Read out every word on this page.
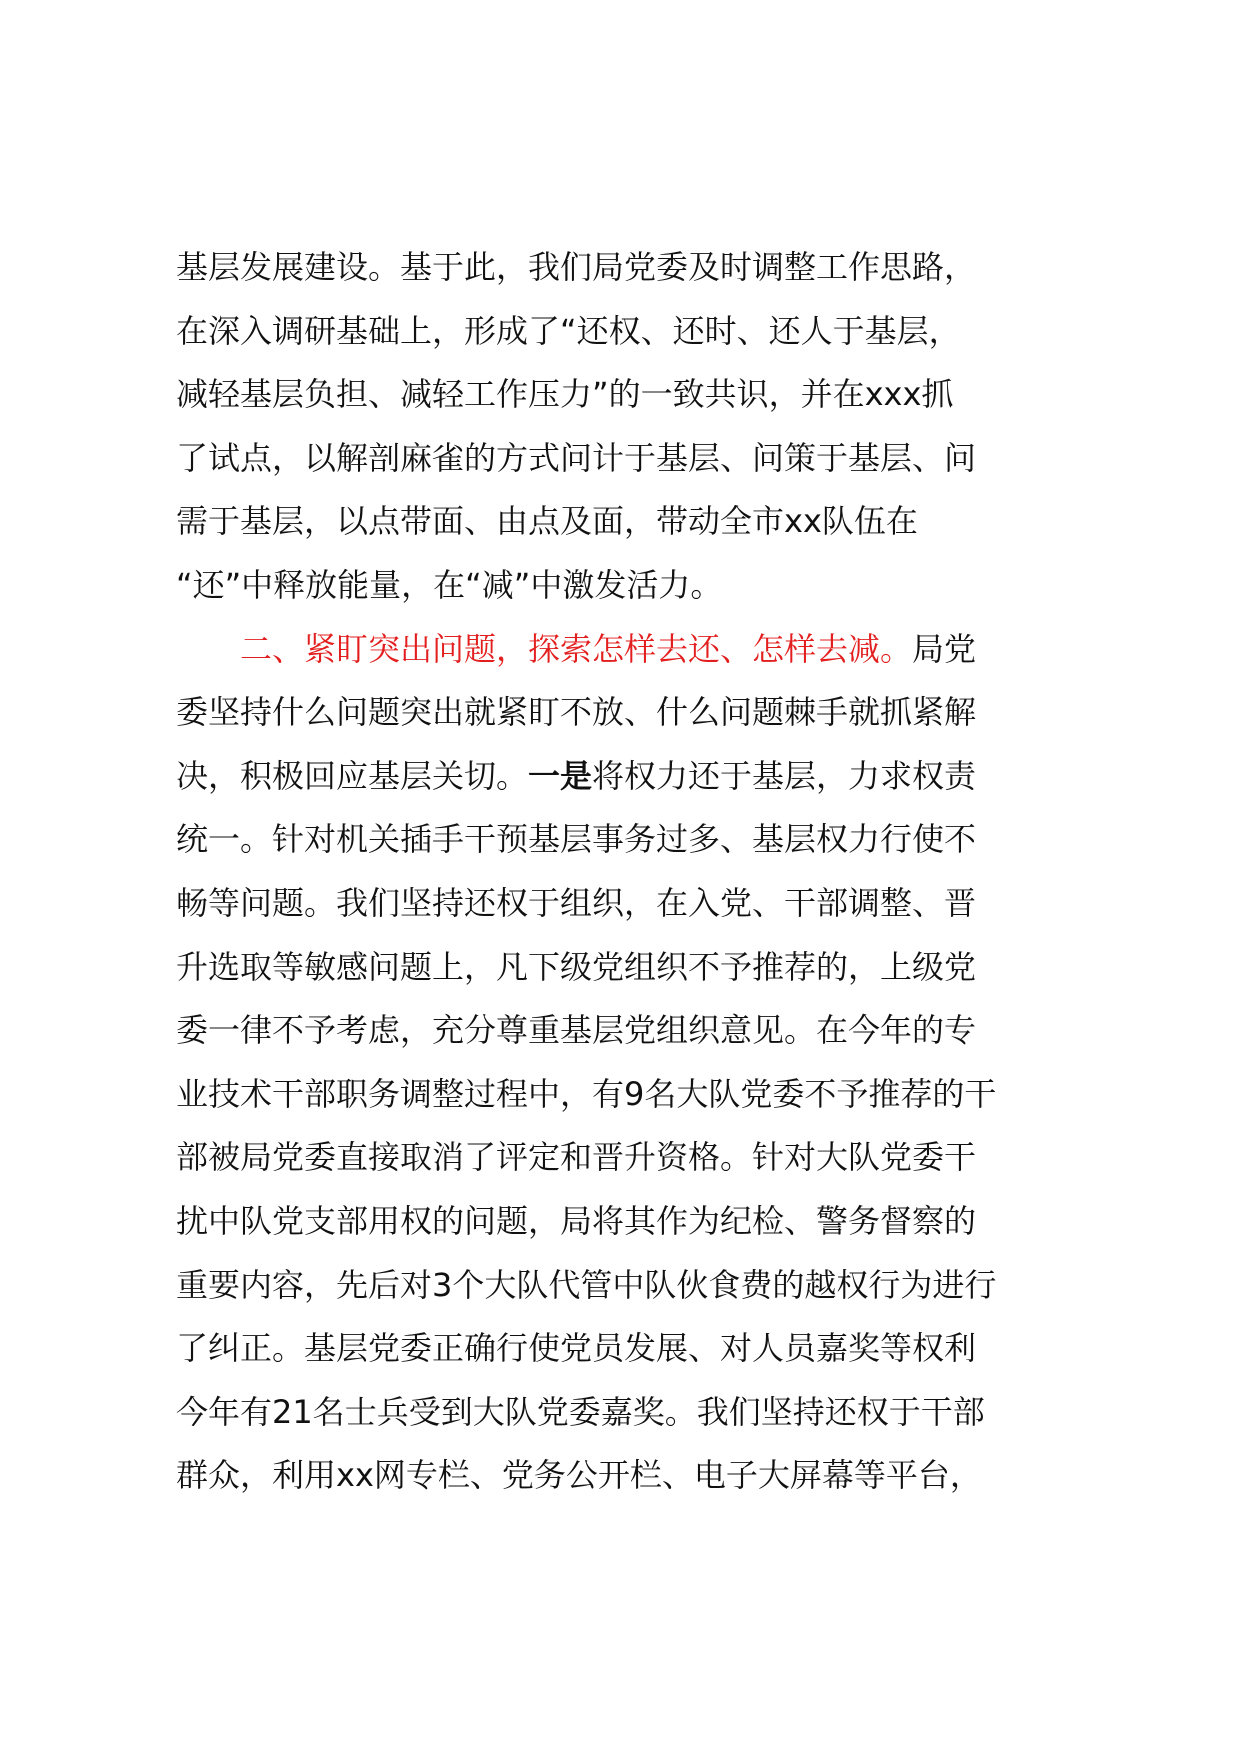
基层发展建设。基于此，我们局党委及时调整工作思路，
在深入调研基础上，形成了“还权、还时、还人于基层，
减轻基层负担、减轻工作压力”的一致共识，并在xxx抓
了试点，以解剖麻雀的方式问计于基层、问策于基层、问
需于基层，以点带面、由点及面，带动全市xx队伍在
“还”中释放能量，在“减”中激发活力。
二、紧盯突出问题，探索怎样去还、怎样去减。局党
委坚持什么问题突出就紧盯不放、什么问题棘手就抓紧解
决，积极回应基层关切。一是将权力还于基层，力求权责
统一。针对机关插手干预基层事务过多、基层权力行使不
畅等问题。我们坚持还权于组织，在入党、干部调整、晋
升选取等敏感问题上，凡下级党组织不予推荐的，上级党
委一律不予考虑，充分尊重基层党组织意见。在今年的专
业技术干部职务调整过程中，有9名大队党委不予推荐的干
部被局党委直接取消了评定和晋升资格。针对大队党委干
扰中队党支部用权的问题，局将其作为纪检、警务督察的
重要内容，先后对3个大队代管中队伙食费的越权行为进行
了纠正。基层党委正确行使党员发展、对人员嘉奖等权利
今年有21名士兵受到大队党委嘉奖。我们坚持还权于干部
群众，利用xx网专栏、党务公开栏、电子大屏幕等平台，
